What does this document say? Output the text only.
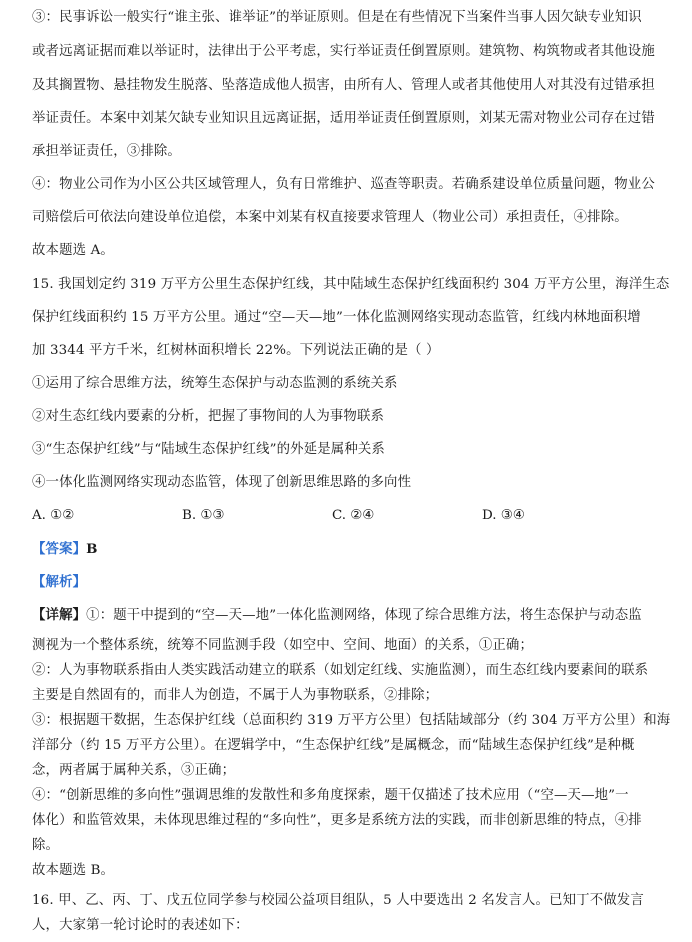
③：民事诉讼一般实行“谁主张、谁举证”的举证原则。但是在有些情况下当案件当事人因欠缺专业知识
或者远离证据而难以举证时，法律出于公平考虑，实行举证责任倒置原则。建筑物、构筑物或者其他设施
及其搁置物、悬挂物发生脱落、坠落造成他人损害，由所有人、管理人或者其他使用人对其没有过错承担
举证责任。本案中刘某欠缺专业知识且远离证据，适用举证责任倒置原则，刘某无需对物业公司存在过错
承担举证责任，③排除。
④：物业公司作为小区公共区域管理人，负有日常维护、巡查等职责。若确系建设单位质量问题，物业公
司赔偿后可依法向建设单位追偿，本案中刘某有权直接要求管理人（物业公司）承担责任，④排除。
故本题选 A。
15. 我国划定约 319 万平方公里生态保护红线，其中陆域生态保护红线面积约 304 万平方公里，海洋生态
保护红线面积约 15 万平方公里。通过“空—天—地”一体化监测网络实现动态监管，红线内林地面积增
加 3344 平方千米，红树林面积增长 22%。下列说法正确的是（ ）
①运用了综合思维方法，统筹生态保护与动态监测的系统关系
②对生态红线内要素的分析，把握了事物间的人为事物联系
③“生态保护红线”与“陆域生态保护红线”的外延是属种关系
④一体化监测网络实现动态监管，体现了创新思维思路的多向性
A. ①②	B. ①③	C. ②④	D. ③④
【答案】B
【解析】
【详解】①：题干中提到的“空—天—地”一体化监测网络，体现了综合思维方法，将生态保护与动态监
测视为一个整体系统，统筹不同监测手段（如空中、空间、地面）的关系，①正确；
②：人为事物联系指由人类实践活动建立的联系（如划定红线、实施监测），而生态红线内要素间的联系
主要是自然固有的，而非人为创造，不属于人为事物联系，②排除；
③：根据题干数据，生态保护红线（总面积约 319 万平方公里）包括陆域部分（约 304 万平方公里）和海
洋部分（约 15 万平方公里）。在逻辑学中，“生态保护红线”是属概念，而“陆域生态保护红线”是种概
念，两者属于属种关系，③正确；
④：“创新思维的多向性”强调思维的发散性和多角度探索，题干仅描述了技术应用（“空—天—地”一
体化）和监管效果，未体现思维过程的“多向性”，更多是系统方法的实践，而非创新思维的特点，④排
除。
故本题选 B。
16. 甲、乙、丙、丁、戊五位同学参与校园公益项目组队，5 人中要选出 2 名发言人。已知丁不做发言
人，大家第一轮讨论时的表述如下：
